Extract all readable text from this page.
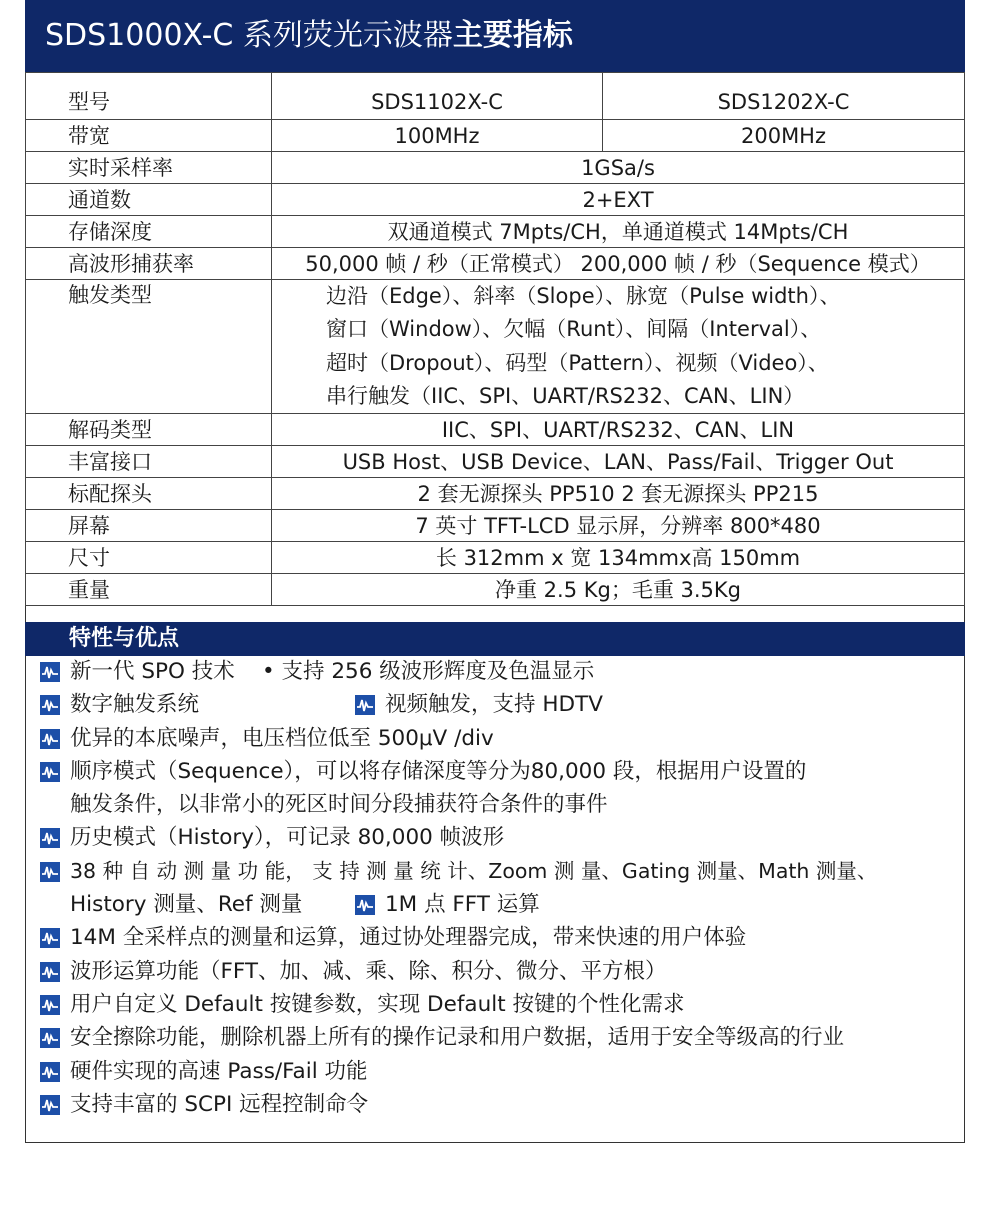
SDS1000X-C 系列荧光示波器主要指标
型号	SDS1102X-C	SDS1202X-C
带宽	100MHz	200MHz
实时采样率	1GSa/s	
通道数	2+EXT	
存储深度	双通道模式 7Mpts/CH，单通道模式 14Mpts/CH	
高波形捕获率	50,000 帧 / 秒（正常模式） 200,000 帧 / 秒（Sequence 模式）	
触发类型	边沿（Edge）、斜率（Slope）、脉宽（Pulse width）、
窗口（Window）、欠幅（Runt）、间隔（Interval）、
超时（Dropout）、码型（Pattern）、视频（Video）、
串行触发（IIC、SPI、UART/RS232、CAN、LIN）	

解码类型	IIC、SPI、UART/RS232、CAN、LIN	
丰富接口	USB Host、USB Device、LAN、Pass/Fail、Trigger Out	
标配探头	2 套无源探头 PP510 2 套无源探头 PP215	
屏幕	7 英寸 TFT-LCD 显示屏，分辨率 800*480	
尺寸	长 312mm x 宽 134mmx高 150mm	
重量	净重 2.5 Kg；毛重 3.5Kg	
特性与优点
新一代 SPO 技术 • 支持 256 级波形辉度及色温显示
数字触发系统	视频触发，支持 HDTV
优异的本底噪声，电压档位低至 500μV /div
顺序模式（Sequence），可以将存储深度等分为80,000 段，根据用户设置的
触发条件，以非常小的死区时间分段捕获符合条件的事件
历史模式（History），可记录 80,000 帧波形
38 种 自 动 测 量 功 能， 支 持 测 量 统 计、Zoom 测 量、Gating 测量、Math 测量、
History 测量、Ref 测量	1M 点 FFT 运算
14M 全采样点的测量和运算，通过协处理器完成，带来快速的用户体验
波形运算功能（FFT、加、减、乘、除、积分、微分、平方根）
用户自定义 Default 按键参数，实现 Default 按键的个性化需求
安全擦除功能，删除机器上所有的操作记录和用户数据，适用于安全等级高的行业
硬件实现的高速 Pass/Fail 功能
支持丰富的 SCPI 远程控制命令
